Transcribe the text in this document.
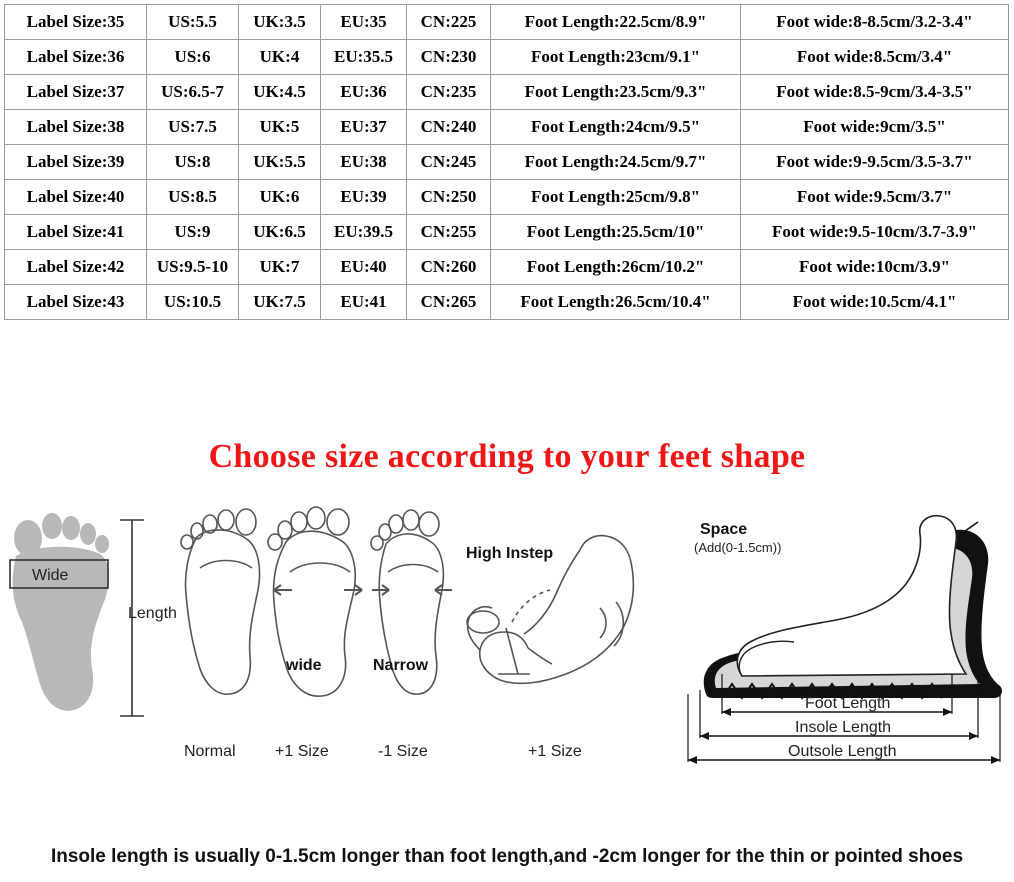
Label Size:35	US:5.5	UK:3.5	EU:35	CN:225	Foot Length:22.5cm/8.9"	Foot wide:8-8.5cm/3.2-3.4"
Label Size:36	US:6	UK:4	EU:35.5	CN:230	Foot Length:23cm/9.1"	Foot wide:8.5cm/3.4"
Label Size:37	US:6.5-7	UK:4.5	EU:36	CN:235	Foot Length:23.5cm/9.3"	Foot wide:8.5-9cm/3.4-3.5"
Label Size:38	US:7.5	UK:5	EU:37	CN:240	Foot Length:24cm/9.5"	Foot wide:9cm/3.5"
Label Size:39	US:8	UK:5.5	EU:38	CN:245	Foot Length:24.5cm/9.7"	Foot wide:9-9.5cm/3.5-3.7"
Label Size:40	US:8.5	UK:6	EU:39	CN:250	Foot Length:25cm/9.8"	Foot wide:9.5cm/3.7"
Label Size:41	US:9	UK:6.5	EU:39.5	CN:255	Foot Length:25.5cm/10"	Foot wide:9.5-10cm/3.7-3.9"
Label Size:42	US:9.5-10	UK:7	EU:40	CN:260	Foot Length:26cm/10.2"	Foot wide:10cm/3.9"
Label Size:43	US:10.5	UK:7.5	EU:41	CN:265	Foot Length:26.5cm/10.4"	Foot wide:10.5cm/4.1"
Choose size according to your feet shape
Wide
Length
Normal
wide
+1 Size
Narrow
-1 Size
High Instep
+1 Size
Space
(Add(0-1.5cm))
Foot Length
Insole Length
Outsole Length
Insole length is usually 0-1.5cm longer than foot length,and -2cm longer for the thin or pointed shoes
